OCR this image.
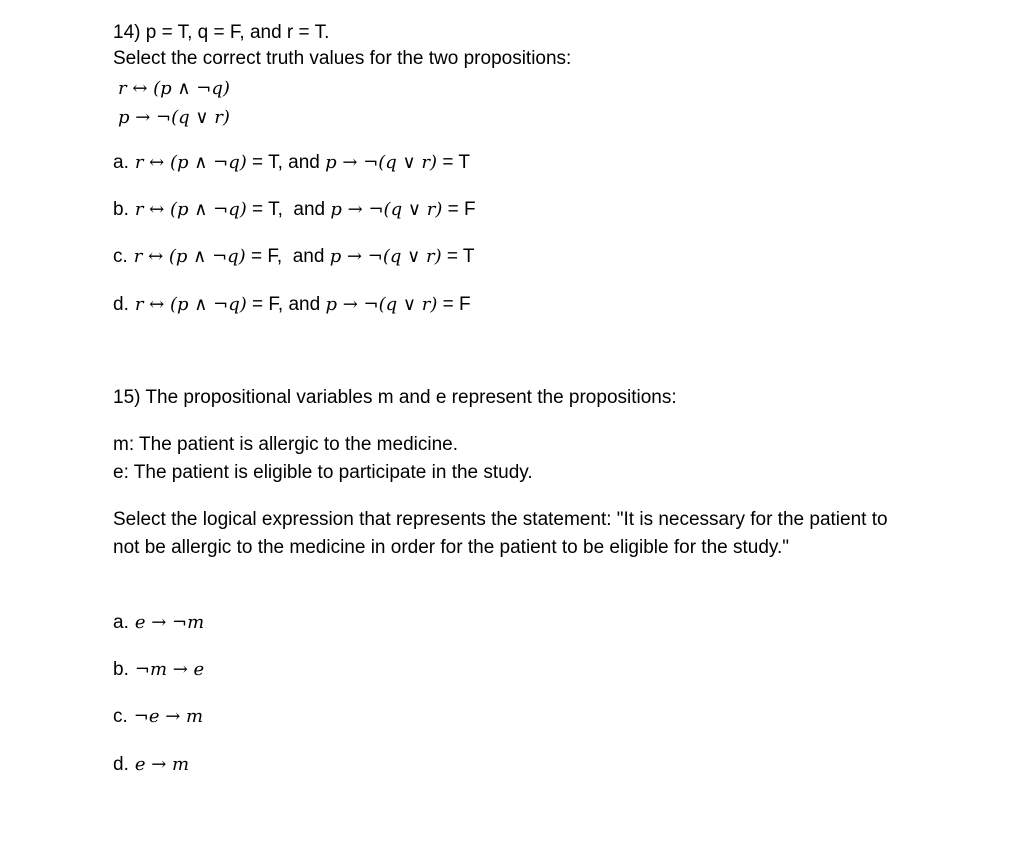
14) p = T, q = F, and r = T.
Select the correct truth values for the two propositions:
r ↔ (p ∧ ¬q)
p → ¬(q ∨ r)
a. r ↔ (p ∧ ¬q) = T, and p → ¬(q ∨ r) = T
b. r ↔ (p ∧ ¬q) = T,  and p → ¬(q ∨ r) = F
c. r ↔ (p ∧ ¬q) = F,  and p → ¬(q ∨ r) = T
d. r ↔ (p ∧ ¬q) = F, and p → ¬(q ∨ r) = F
15) The propositional variables m and e represent the propositions:
m: The patient is allergic to the medicine.
e: The patient is eligible to participate in the study.
Select the logical expression that represents the statement: "It is necessary for the patient to not be allergic to the medicine in order for the patient to be eligible for the study."
a. e → ¬m
b. ¬m → e
c. ¬e → m
d. e → m
